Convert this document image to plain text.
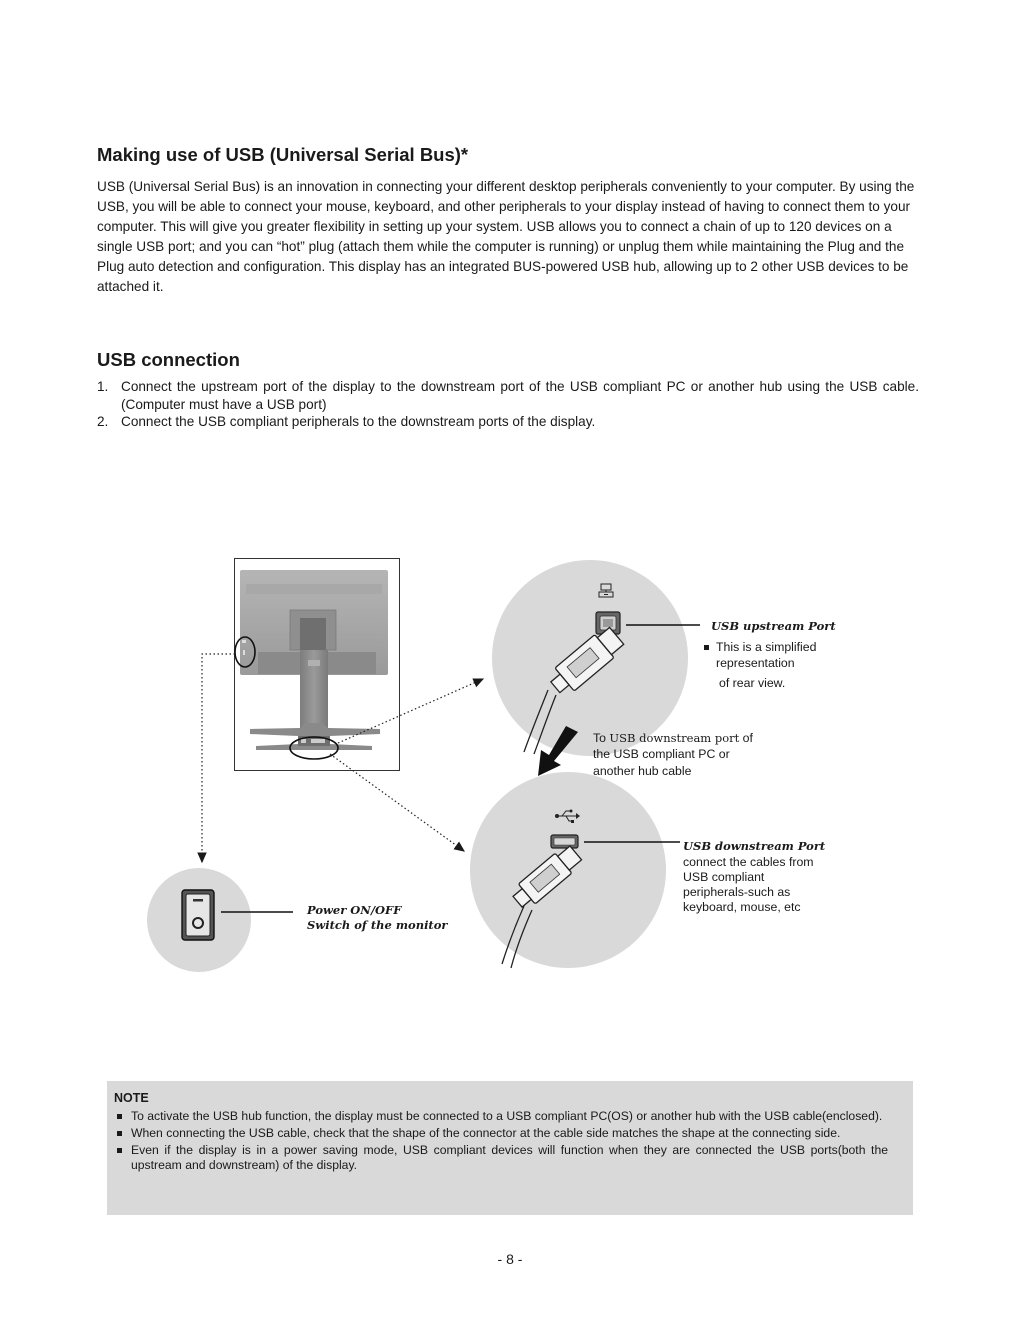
Making use of USB (Universal Serial Bus)*

USB (Universal Serial Bus) is an innovation in connecting your different desktop peripherals conveniently to your computer. By using the USB, you will be able to connect your mouse, keyboard, and other peripherals to your display instead of having to connect them to your computer. This will give you greater flexibility in setting up your system. USB allows you to connect a chain of up to 120 devices on a single USB port; and you can “hot” plug (attach them while the computer is running) or unplug them while maintaining the Plug and the Plug auto detection and configuration. This display has an integrated BUS-powered USB hub, allowing up to 2 other USB devices to be attached it.

USB connection
1. Connect the upstream port of the display to the downstream port of the USB compliant PC or another hub using the USB cable. (Computer must have a USB port)
2. Connect the USB compliant peripherals to the downstream ports of the display.

USB upstream Port

This is a simplified representation

of rear view.

To USB downstream port of

the USB compliant PC or

another hub cable

USB downstream Port

connect the cables from

USB compliant

peripherals-such as

keyboard, mouse, etc

Power ON/OFF

Switch of the monitor

NOTE

To activate the USB hub function, the display must be connected to a USB compliant PC(OS) or another hub with the USB cable(enclosed).
When connecting the USB cable, check that the shape of the connector at the cable side matches the shape at the connecting side.
Even if the display is in a power saving mode, USB compliant devices will function when they are connected the USB ports(both the upstream and downstream) of the display.

- 8 -
